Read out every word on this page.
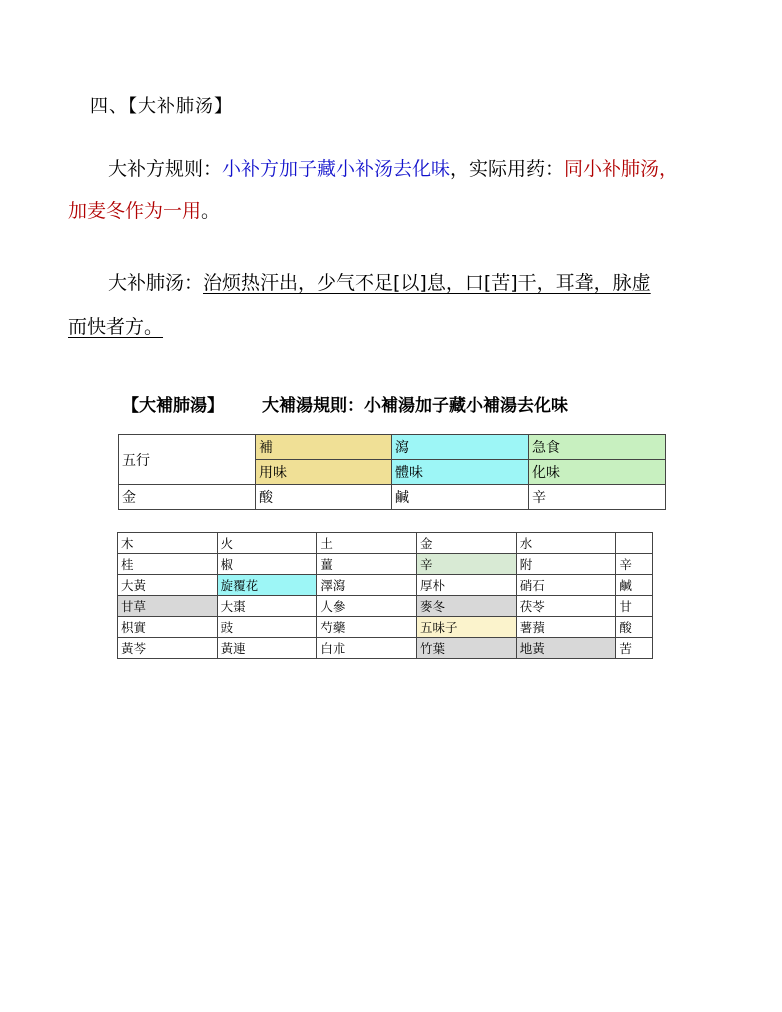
四、【大补肺汤】
大补方规则：小补方加子藏小补汤去化味，实际用药：同小补肺汤，
加麦冬作为一用。
大补肺汤：治烦热汗出，少气不足[以]息，口[苦]干，耳聋，脉虚
而快者方。
【大補肺湯】 大補湯規則：小補湯加子藏小補湯去化味
五行	補	瀉	急食
	用味	體味	化味
金	酸	鹹	辛
木	火	土	金	水	
桂	椒	薑	辛	附	辛
大黃	旋覆花	澤瀉	厚朴	硝石	鹹
甘草	大棗	人參	麥冬	茯苓	甘
枳實	豉	芍藥	五味子	薯蕷	酸
黃芩	黃連	白朮	竹葉	地黃	苦
